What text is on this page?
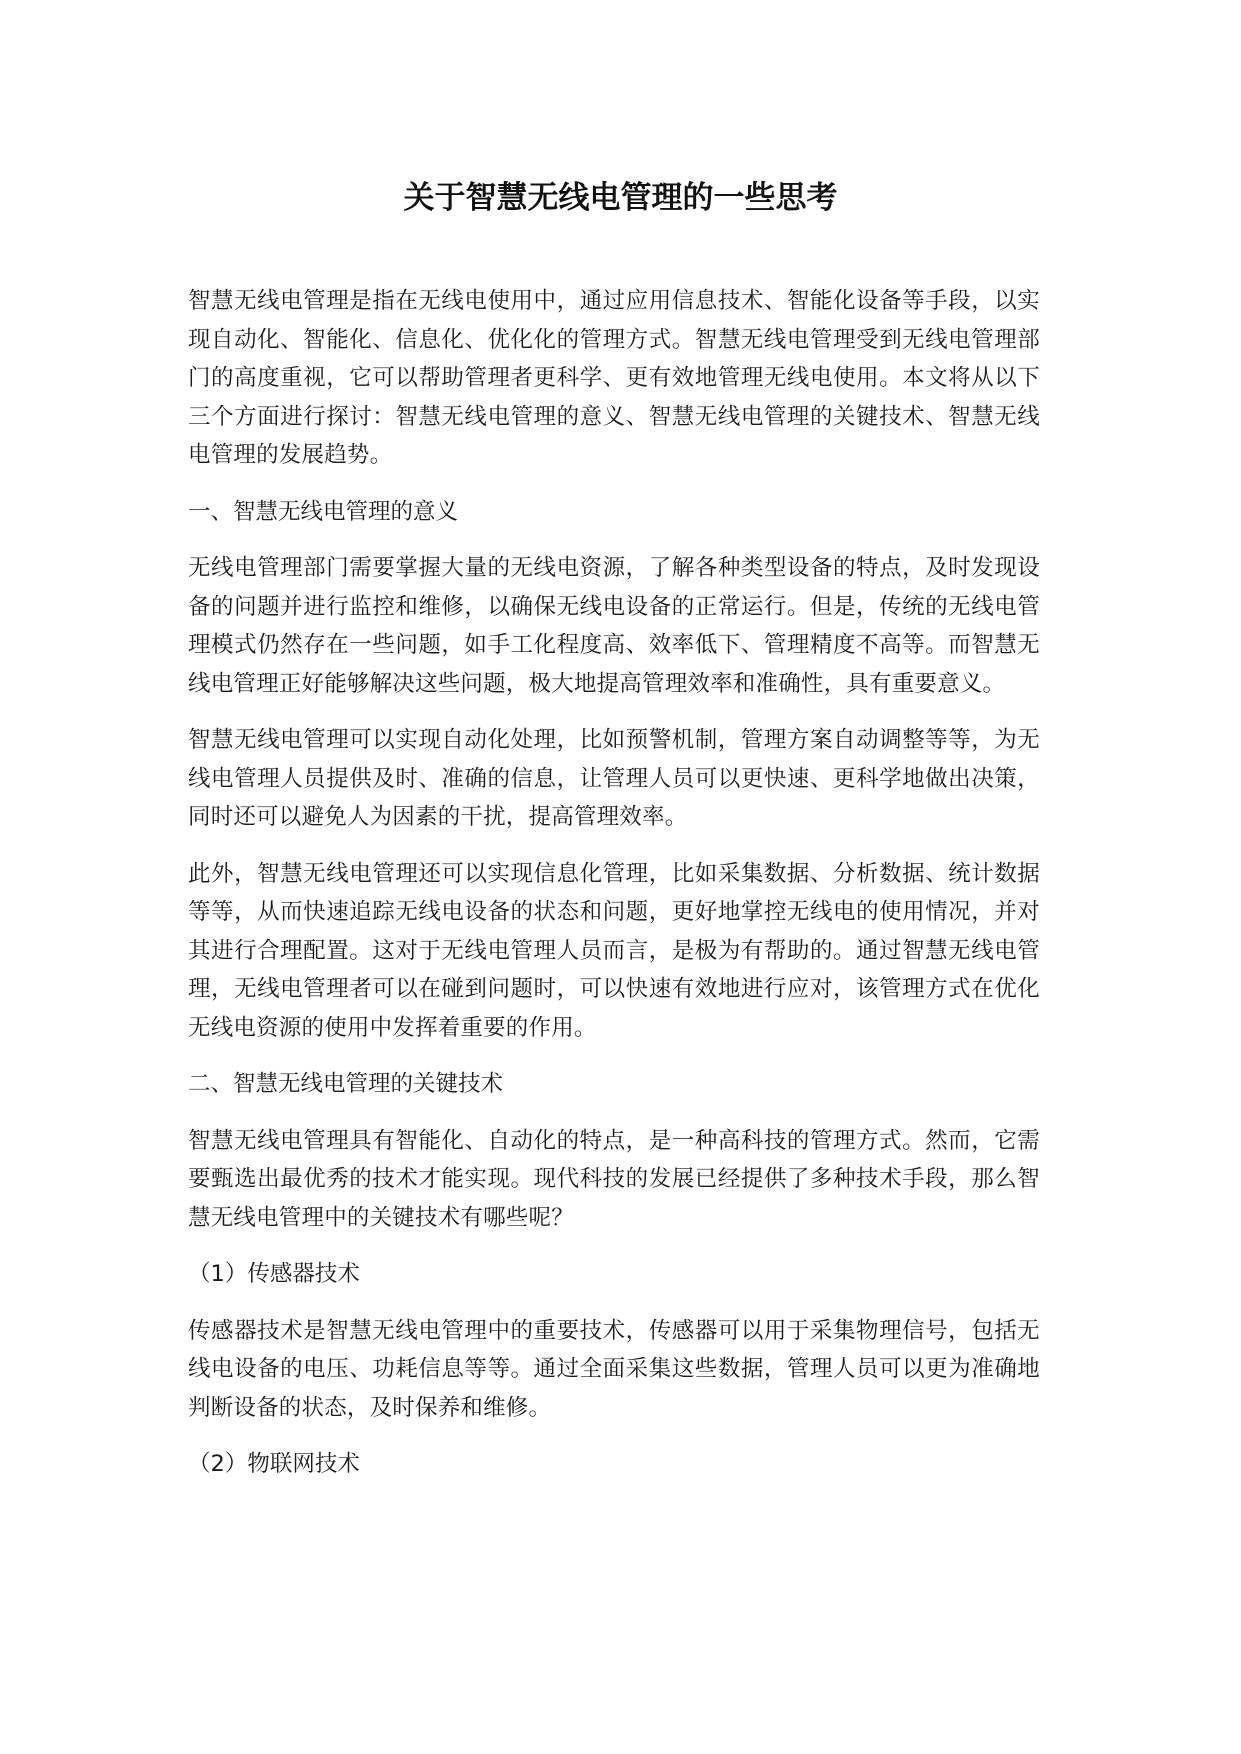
关于智慧无线电管理的一些思考

智慧无线电管理是指在无线电使用中，通过应用信息技术、智能化设备等手段，以实现自动化、智能化、信息化、优化化的管理方式。智慧无线电管理受到无线电管理部门的高度重视，它可以帮助管理者更科学、更有效地管理无线电使用。本文将从以下三个方面进行探讨：智慧无线电管理的意义、智慧无线电管理的关键技术、智慧无线电管理的发展趋势。

一、智慧无线电管理的意义

无线电管理部门需要掌握大量的无线电资源，了解各种类型设备的特点，及时发现设备的问题并进行监控和维修，以确保无线电设备的正常运行。但是，传统的无线电管理模式仍然存在一些问题，如手工化程度高、效率低下、管理精度不高等。而智慧无线电管理正好能够解决这些问题，极大地提高管理效率和准确性，具有重要意义。

智慧无线电管理可以实现自动化处理，比如预警机制，管理方案自动调整等等，为无线电管理人员提供及时、准确的信息，让管理人员可以更快速、更科学地做出决策，同时还可以避免人为因素的干扰，提高管理效率。

此外，智慧无线电管理还可以实现信息化管理，比如采集数据、分析数据、统计数据等等，从而快速追踪无线电设备的状态和问题，更好地掌控无线电的使用情况，并对其进行合理配置。这对于无线电管理人员而言，是极为有帮助的。通过智慧无线电管理，无线电管理者可以在碰到问题时，可以快速有效地进行应对，该管理方式在优化无线电资源的使用中发挥着重要的作用。

二、智慧无线电管理的关键技术

智慧无线电管理具有智能化、自动化的特点，是一种高科技的管理方式。然而，它需要甄选出最优秀的技术才能实现。现代科技的发展已经提供了多种技术手段，那么智慧无线电管理中的关键技术有哪些呢？

（1）传感器技术

传感器技术是智慧无线电管理中的重要技术，传感器可以用于采集物理信号，包括无线电设备的电压、功耗信息等等。通过全面采集这些数据，管理人员可以更为准确地判断设备的状态，及时保养和维修。

（2）物联网技术
